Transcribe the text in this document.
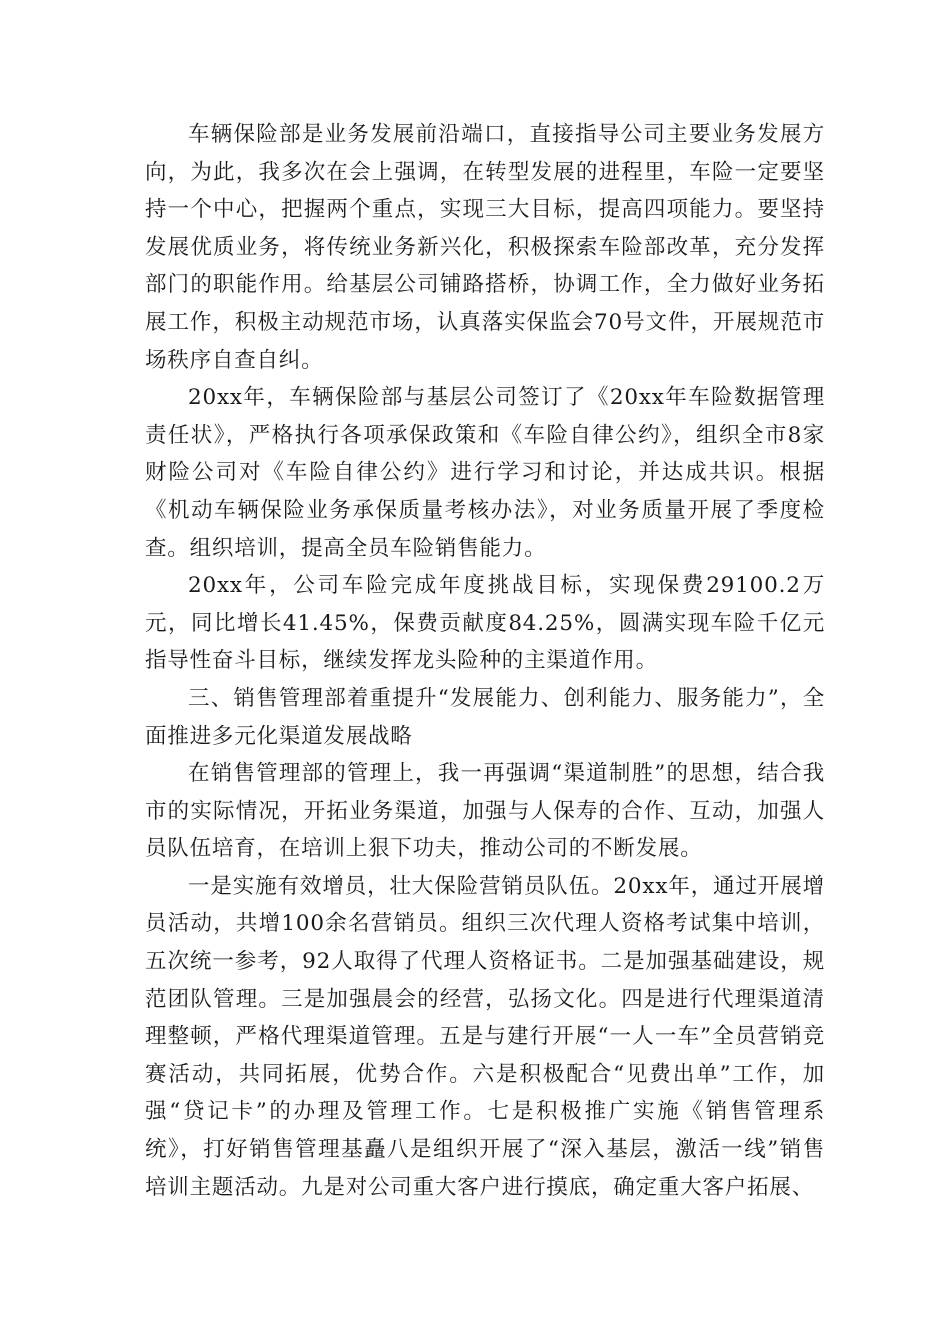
车辆保险部是业务发展前沿端口，直接指导公司主要业务发展方向，为此，我多次在会上强调，在转型发展的进程里，车险一定要坚持一个中心，把握两个重点，实现三大目标，提高四项能力。要坚持发展优质业务，将传统业务新兴化，积极探索车险部改革，充分发挥部门的职能作用。给基层公司铺路搭桥，协调工作，全力做好业务拓展工作，积极主动规范市场，认真落实保监会70号文件，开展规范市场秩序自查自纠。

20xx年，车辆保险部与基层公司签订了《20xx年车险数据管理责任状》，严格执行各项承保政策和《车险自律公约》，组织全市8家财险公司对《车险自律公约》进行学习和讨论，并达成共识。根据《机动车辆保险业务承保质量考核办法》，对业务质量开展了季度检查。组织培训，提高全员车险销售能力。

20xx年，公司车险完成年度挑战目标，实现保费29100.2万元，同比增长41.45%，保费贡献度84.25%，圆满实现车险千亿元指导性奋斗目标，继续发挥龙头险种的主渠道作用。

三、销售管理部着重提升“发展能力、创利能力、服务能力”，全面推进多元化渠道发展战略

在销售管理部的管理上，我一再强调“渠道制胜”的思想，结合我市的实际情况，开拓业务渠道，加强与人保寿的合作、互动，加强人员队伍培育，在培训上狠下功夫，推动公司的不断发展。

一是实施有效增员，壮大保险营销员队伍。20xx年，通过开展增员活动，共增100余名营销员。组织三次代理人资格考试集中培训，五次统一参考，92人取得了代理人资格证书。二是加强基础建设，规范团队管理。三是加强晨会的经营，弘扬文化。四是进行代理渠道清理整顿，严格代理渠道管理。五是与建行开展“一人一车”全员营销竞赛活动，共同拓展，优势合作。六是积极配合“见费出单”工作，加强“贷记卡”的办理及管理工作。七是积极推广实施《销售管理系统》，打好销售管理基矗八是组织开展了“深入基层，激活一线”销售培训主题活动。九是对公司重大客户进行摸底，确定重大客户拓展、
